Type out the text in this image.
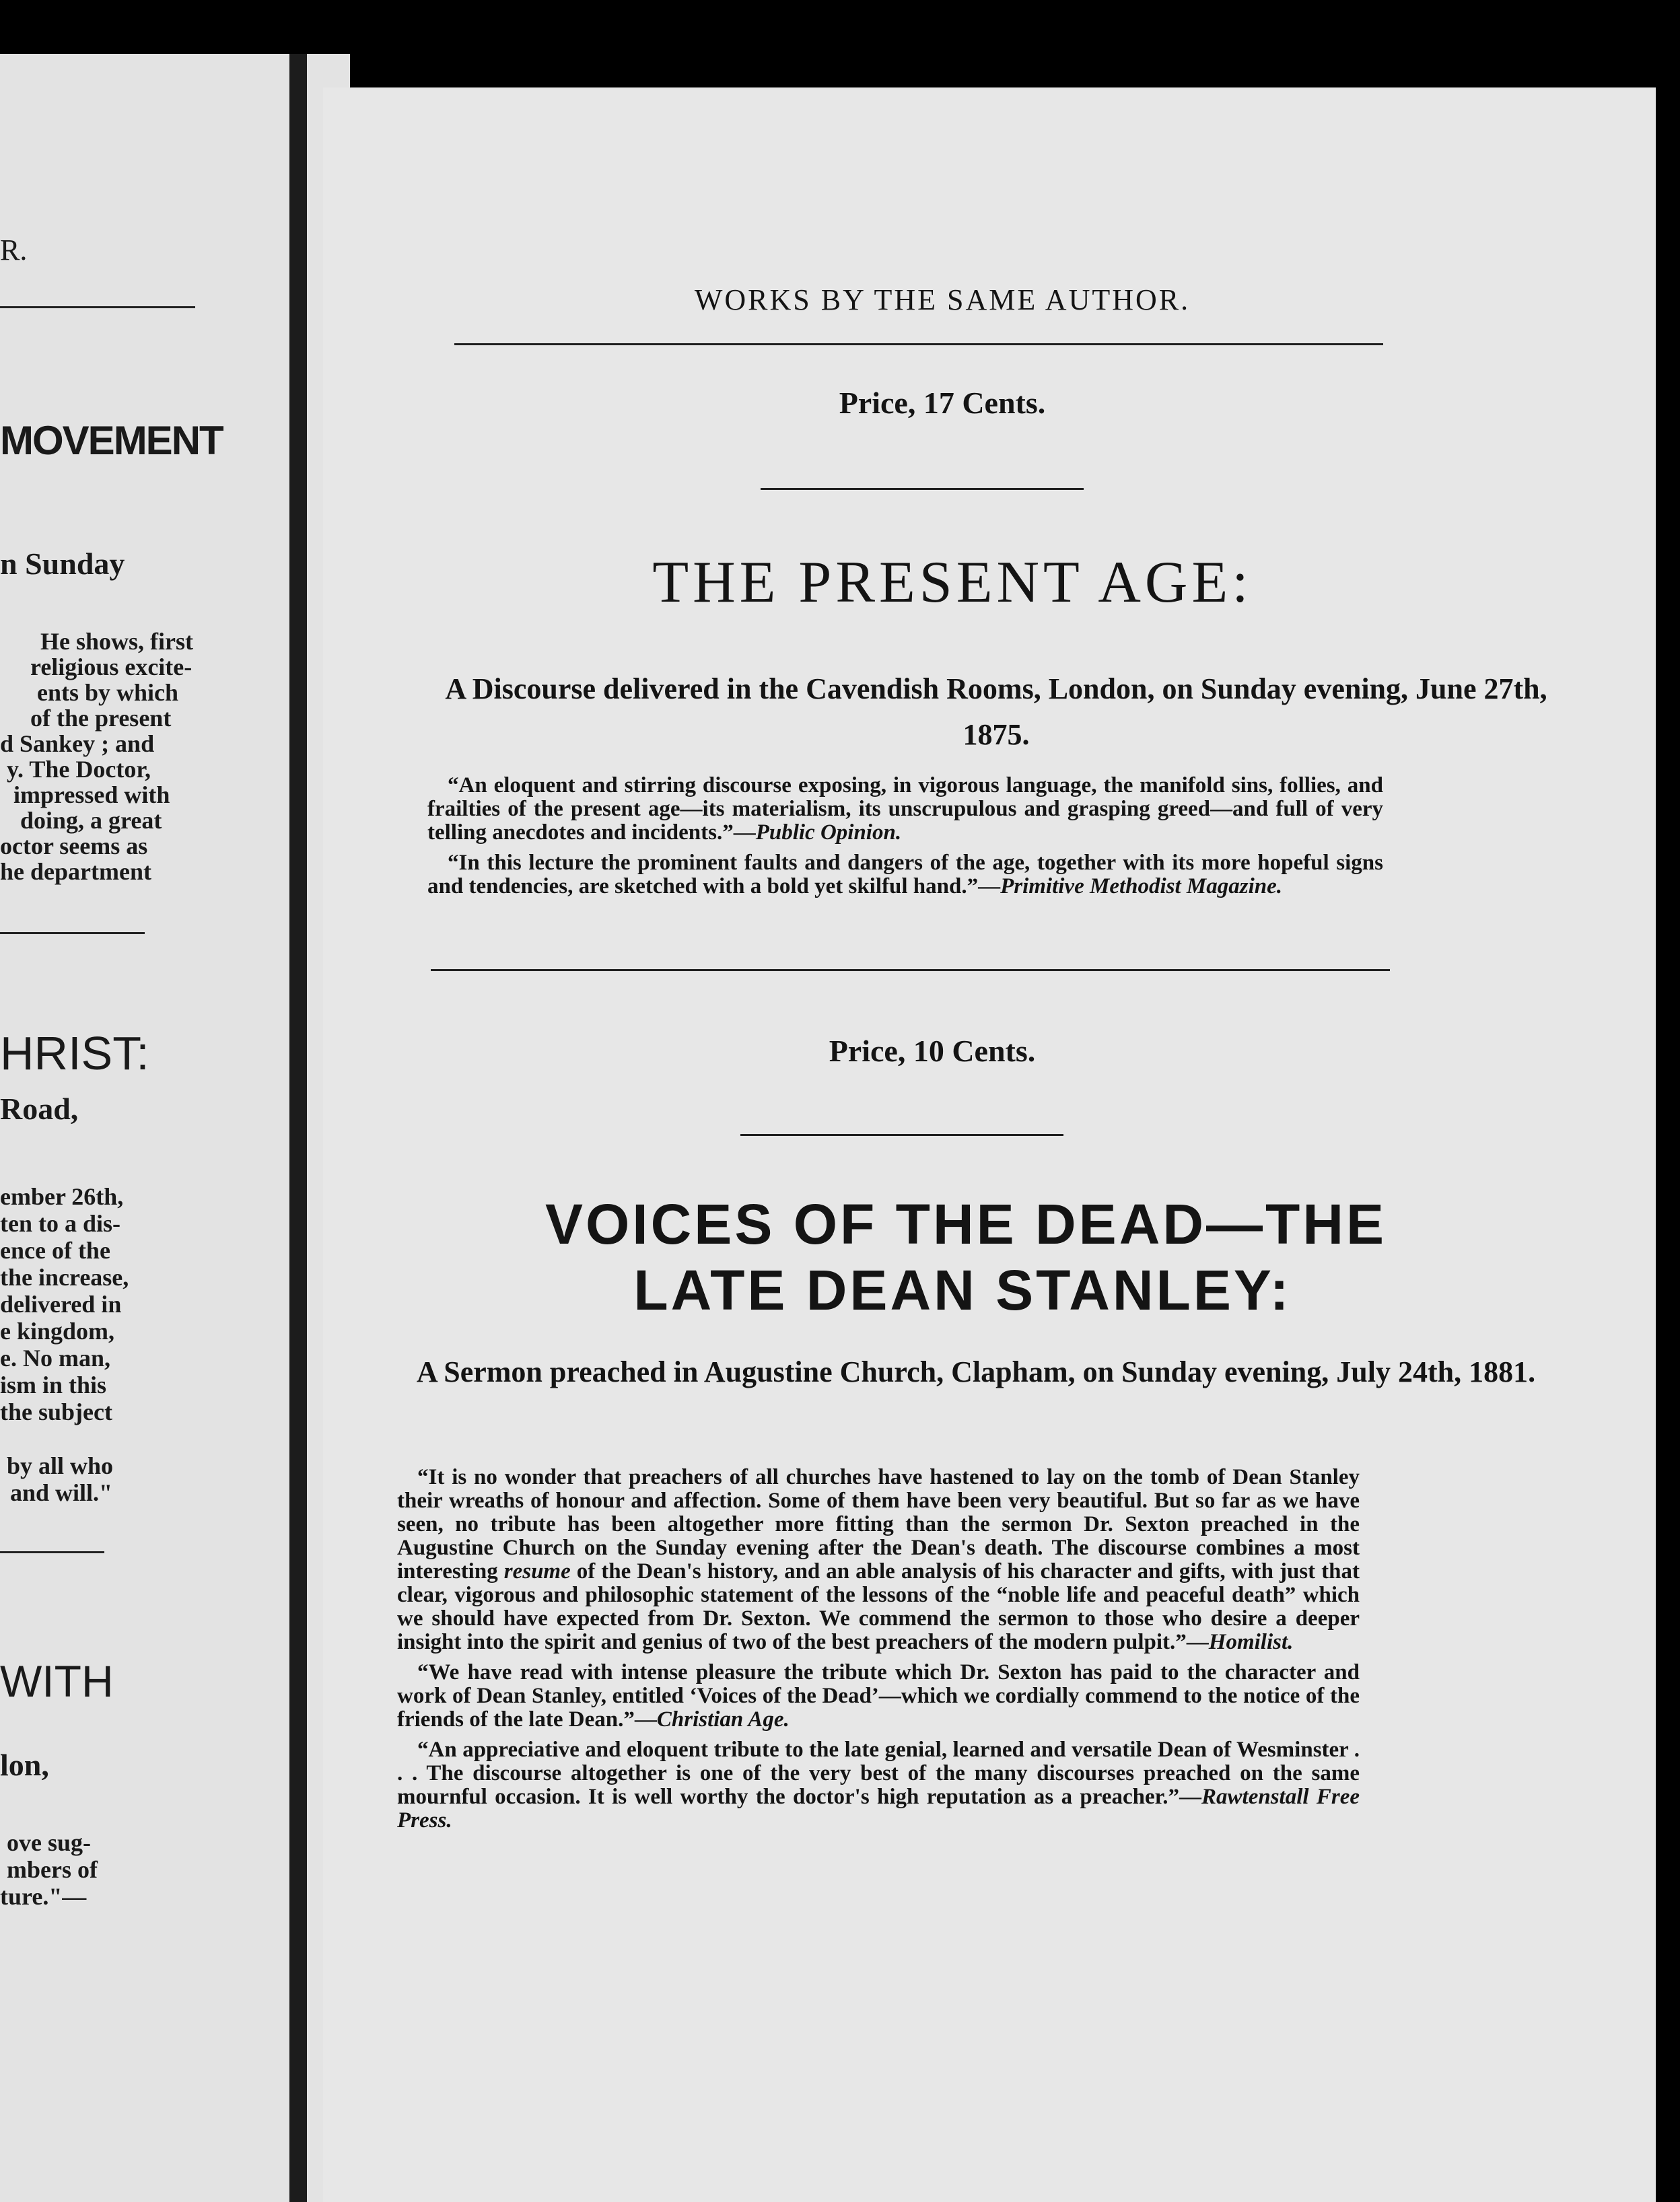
R.
MOVEMENT
n Sunday
He shows, first
religious excite-
ents by which
of the present
d Sankey ; and
y. The Doctor,
impressed with
doing, a great
octor seems as
he department
HRIST:
Road,
ember 26th,
ten to a dis-
ence of the
the increase,
delivered in
e kingdom,
e. No man,
ism in this
the subject
by all who
and will."
WITH
lon,
ove sug-
mbers of
ture."—
WORKS BY THE SAME AUTHOR.
Price, 17 Cents.
THE PRESENT AGE:
A Discourse delivered in the Cavendish Rooms, London, on Sunday evening, June 27th, 1875.

“An eloquent and stirring discourse exposing, in vigorous language, the manifold sins, follies, and frailties of the present age—its materialism, its unscrupulous and grasping greed—and full of very telling anecdotes and incidents.”—Public Opinion.

“In this lecture the prominent faults and dangers of the age, together with its more hopeful signs and tendencies, are sketched with a bold yet skilful hand.”—Primitive Methodist Magazine.

Price, 10 Cents.
VOICES OF THE DEAD—THE
LATE DEAN STANLEY:
A Sermon preached in Augustine Church, Clapham, on Sunday evening, July 24th, 1881.

“It is no wonder that preachers of all churches have hastened to lay on the tomb of Dean Stanley their wreaths of honour and affection. Some of them have been very beautiful. But so far as we have seen, no tribute has been altogether more fitting than the sermon Dr. Sexton preached in the Augustine Church on the Sunday evening after the Dean's death. The discourse combines a most interesting resume of the Dean's history, and an able analysis of his character and gifts, with just that clear, vigorous and philosophic statement of the lessons of the “noble life and peaceful death” which we should have expected from Dr. Sexton. We commend the sermon to those who desire a deeper insight into the spirit and genius of two of the best preachers of the modern pulpit.”—Homilist.

“We have read with intense pleasure the tribute which Dr. Sexton has paid to the character and work of Dean Stanley, entitled ‘Voices of the Dead’—which we cordially commend to the notice of the friends of the late Dean.”—Christian Age.

“An appreciative and eloquent tribute to the late genial, learned and versatile Dean of Wesminster . . . The discourse altogether is one of the very best of the many discourses preached on the same mournful occasion. It is well worthy the doctor's high reputation as a preacher.”—Rawtenstall Free Press.
